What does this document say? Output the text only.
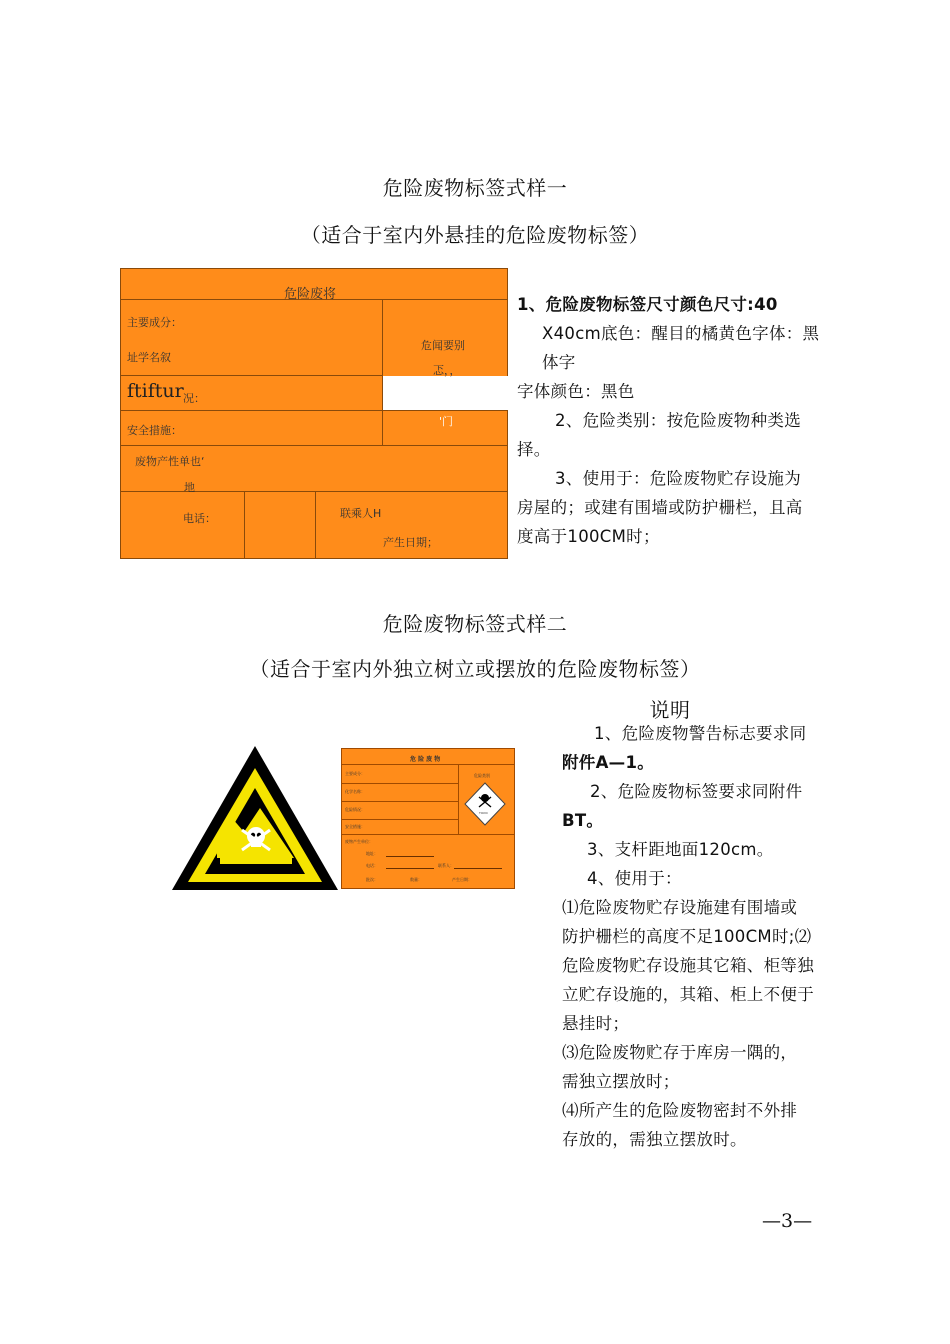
危险废物标签式样一
（适合于室内外悬挂的危险废物标签）
危险废将
主要成分：
址学名叙
ftiftur 况：
危闻要别
忑，，
安全措施：
'门
废物产性单也‘
地
电话：	联乘人H
产生日期；

1、危险废物标签尺寸颜色尺寸:40

X40cm底色：醒目的橘黄色字体：黑

体字

字体颜色：黑色

2、危险类别：按危险废物种类选

择。

3、使用于：危险废物贮存设施为

房屋的；或建有围墙或防护栅栏，且高

度高于100CM时；

危险废物标签式样二
（适合于室内外独立树立或摆放的危险废物标签）
说明
危 险 废 物
主要成分：
化学名称：
危险情况：
安全措施：
废物产生单位：
地址：
电话：	联系人：
批次：	数量：	产生日期：
危险类别
TOXIC

1、危险废物警告标志要求同

附件A—1。

2、危险废物标签要求同附件

BT。

3、支杆距地面120cm。

4、使用于：

⑴危险废物贮存设施建有围墙或

防护栅栏的高度不足100CM时;⑵

危险废物贮存设施其它箱、柜等独

立贮存设施的，其箱、柜上不便于

悬挂时；

⑶危险废物贮存于库房一隅的，

需独立摆放时；

⑷所产生的危险废物密封不外排

存放的，需独立摆放时。

—3—
